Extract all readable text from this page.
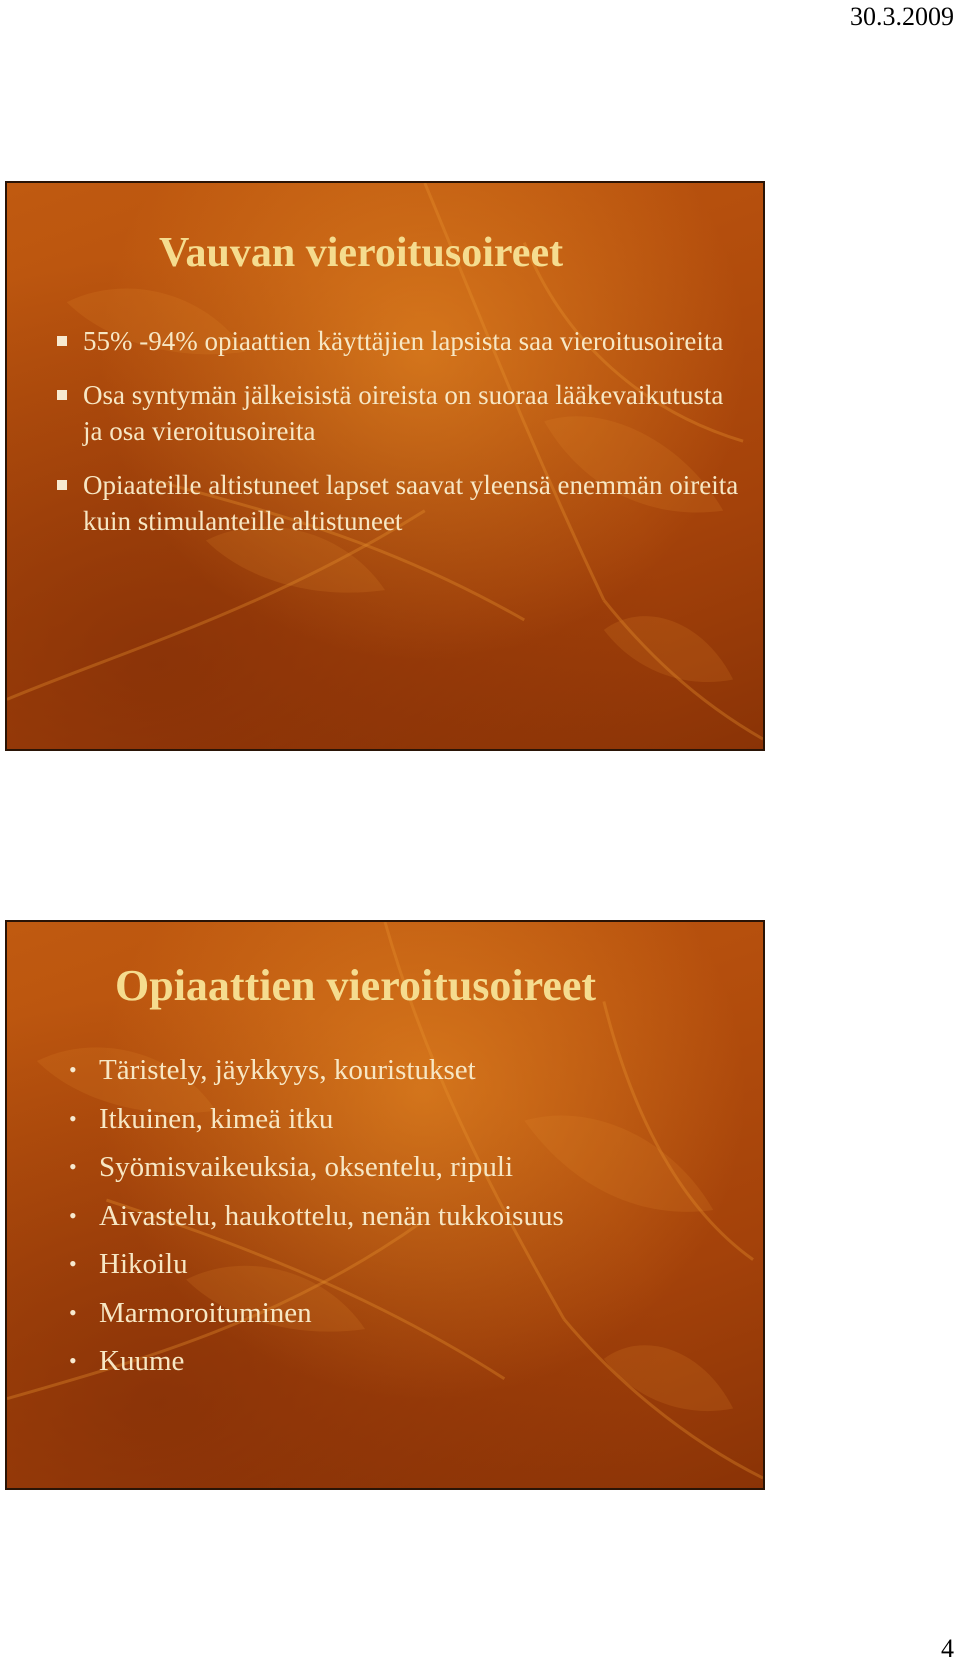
30.3.2009
Vauvan vieroitusoireet
55% -94% opiaattien käyttäjien lapsista saa vieroitusoireita
Osa syntymän jälkeisistä oireista on suoraa lääkevaikutusta ja osa vieroitusoireita
Opiaateille altistuneet lapset saavat yleensä enemmän oireita kuin stimulanteille altistuneet
Opiaattien vieroitusoireet
• Täristely, jäykkyys, kouristukset
• Itkuinen, kimeä itku
• Syömisvaikeuksia, oksentelu, ripuli
• Aivastelu, haukottelu, nenän tukkoisuus
• Hikoilu
• Marmoroituminen
• Kuume
4
